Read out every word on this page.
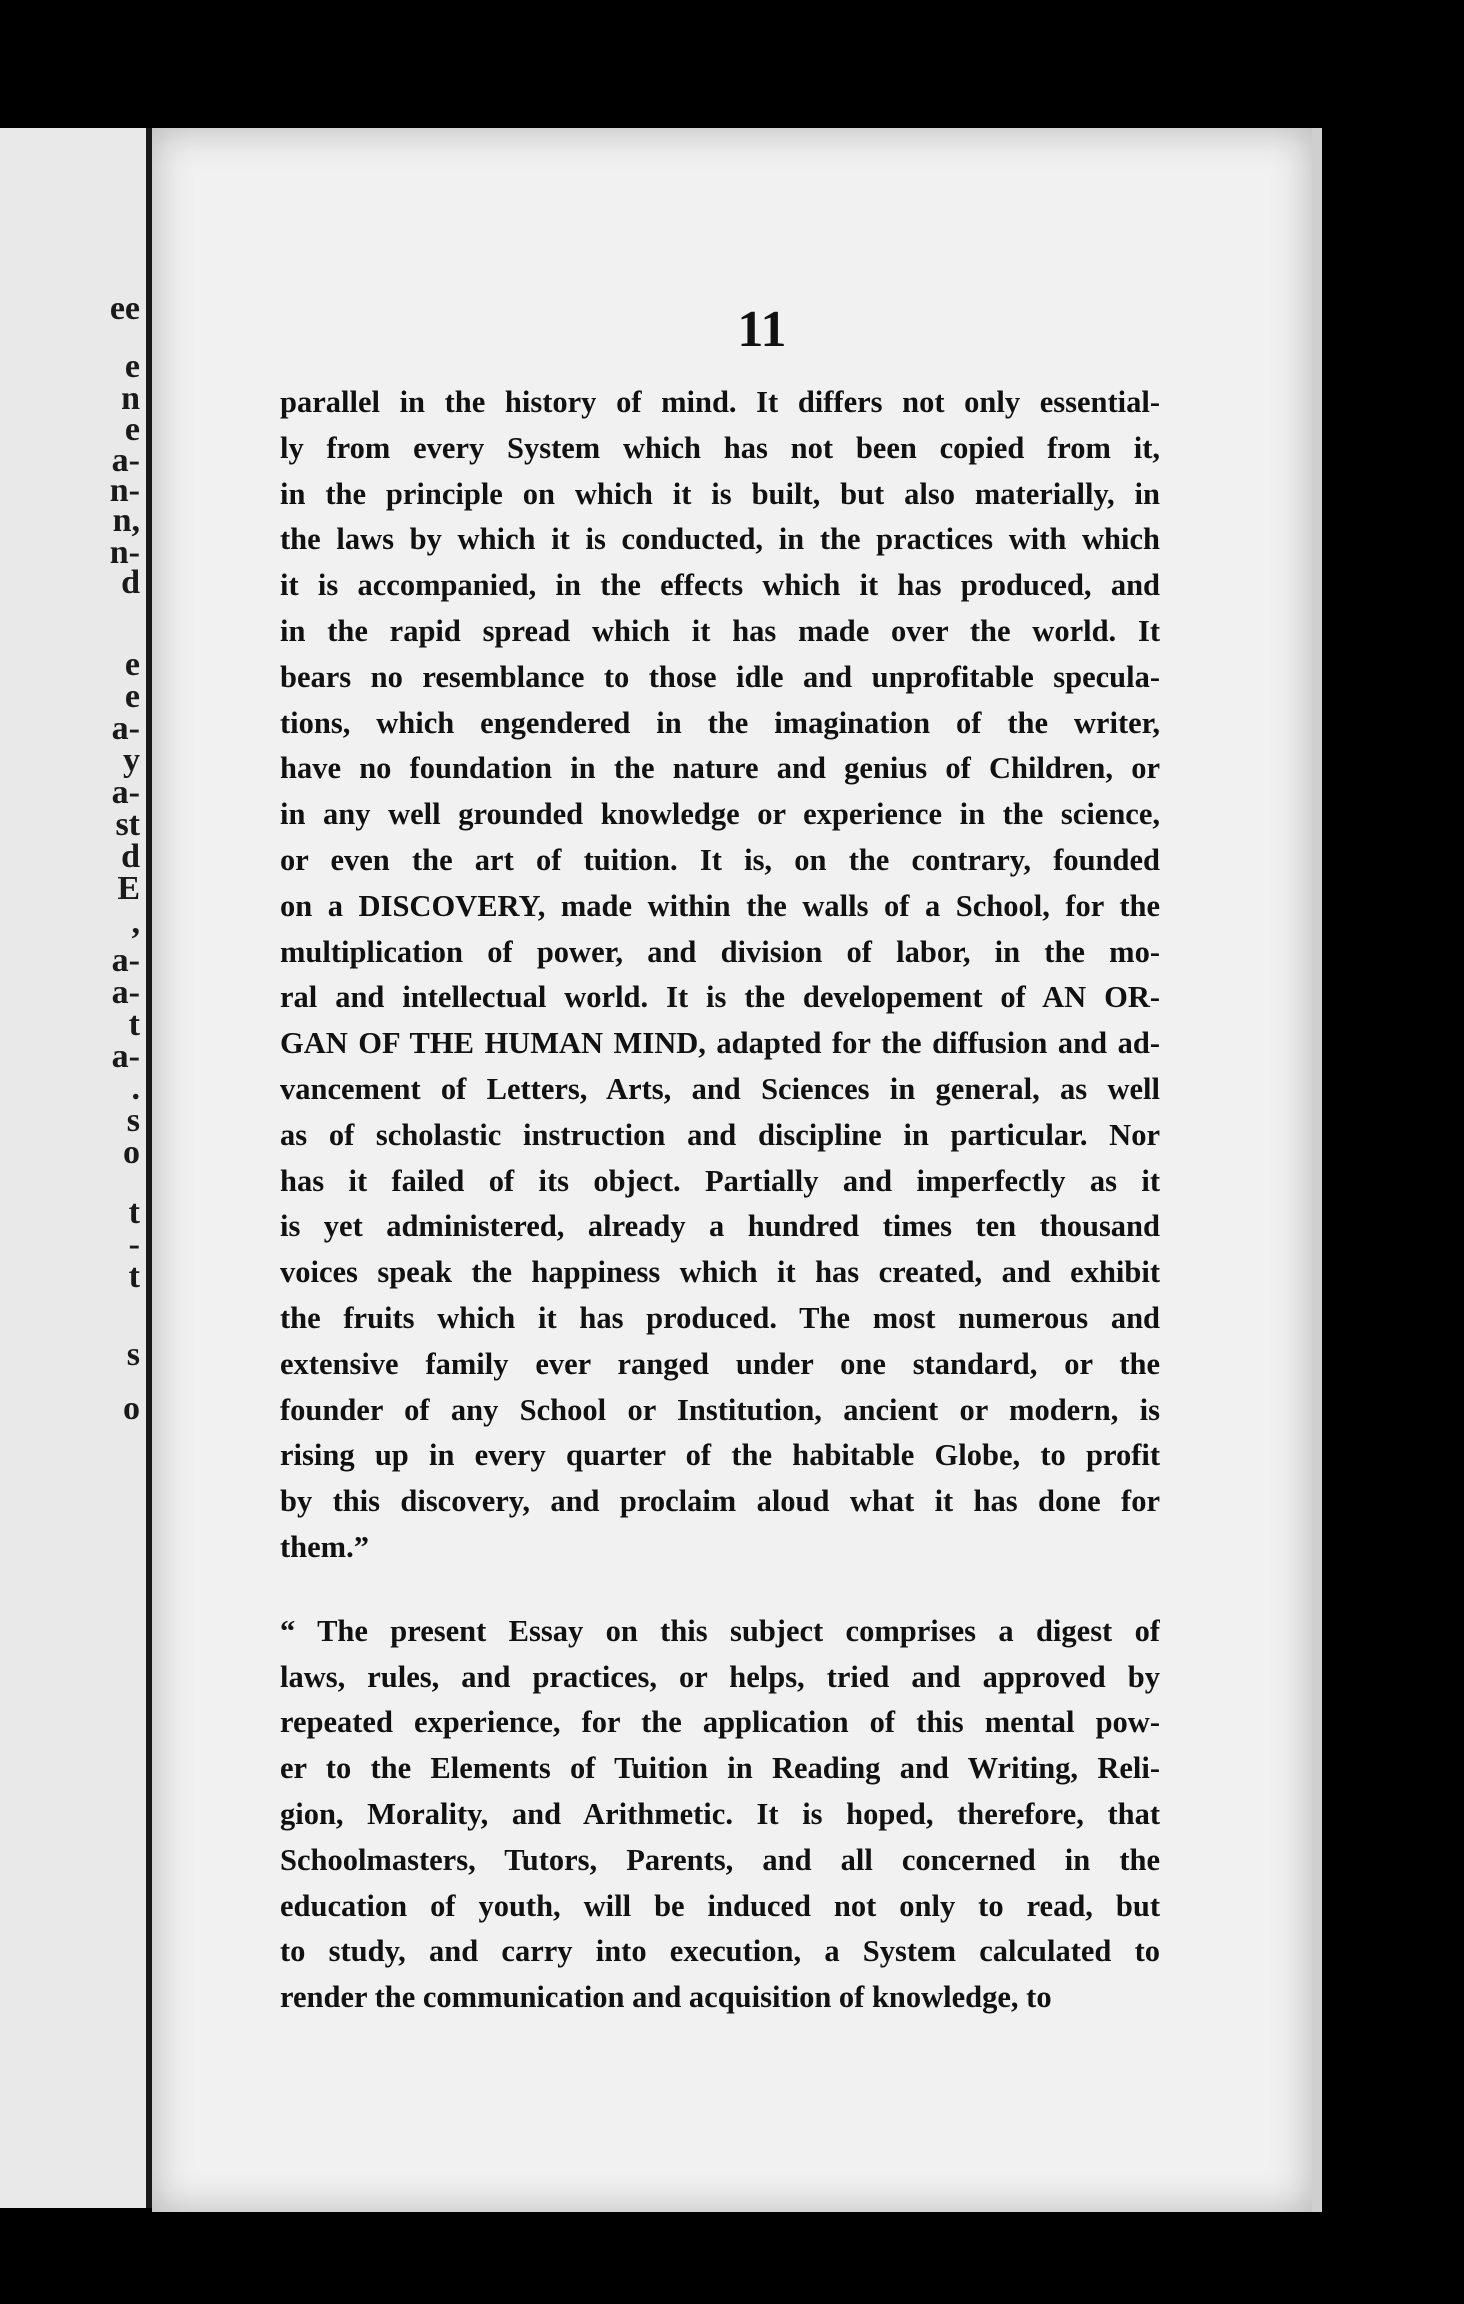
ee
e
n
e
a-
n-
n,
n-
d
e
e
a-
y
a-
st
d
E
,
a-
a-
t
a-
.
s
o
t
-
t
s
o
11
parallel in the history of mind. It differs not only essential-
ly from every System which has not been copied from it,
in the principle on which it is built, but also materially, in
the laws by which it is conducted, in the practices with which
it is accompanied, in the effects which it has produced, and
in the rapid spread which it has made over the world. It
bears no resemblance to those idle and unprofitable specula-
tions, which engendered in the imagination of the writer,
have no foundation in the nature and genius of Children, or
in any well grounded knowledge or experience in the science,
or even the art of tuition. It is, on the contrary, founded
on a DISCOVERY, made within the walls of a School, for the
multiplication of power, and division of labor, in the mo-
ral and intellectual world. It is the developement of AN OR-
GAN OF THE HUMAN MIND, adapted for the diffusion and ad-
vancement of Letters, Arts, and Sciences in general, as well
as of scholastic instruction and discipline in particular. Nor
has it failed of its object. Partially and imperfectly as it
is yet administered, already a hundred times ten thousand
voices speak the happiness which it has created, and exhibit
the fruits which it has produced. The most numerous and
extensive family ever ranged under one standard, or the
founder of any School or Institution, ancient or modern, is
rising up in every quarter of the habitable Globe, to profit
by this discovery, and proclaim aloud what it has done for
them.”
“ The present Essay on this subject comprises a digest of
laws, rules, and practices, or helps, tried and approved by
repeated experience, for the application of this mental pow-
er to the Elements of Tuition in Reading and Writing, Reli-
gion, Morality, and Arithmetic. It is hoped, therefore, that
Schoolmasters, Tutors, Parents, and all concerned in the
education of youth, will be induced not only to read, but
to study, and carry into execution, a System calculated to
render the communication and acquisition of knowledge, to
